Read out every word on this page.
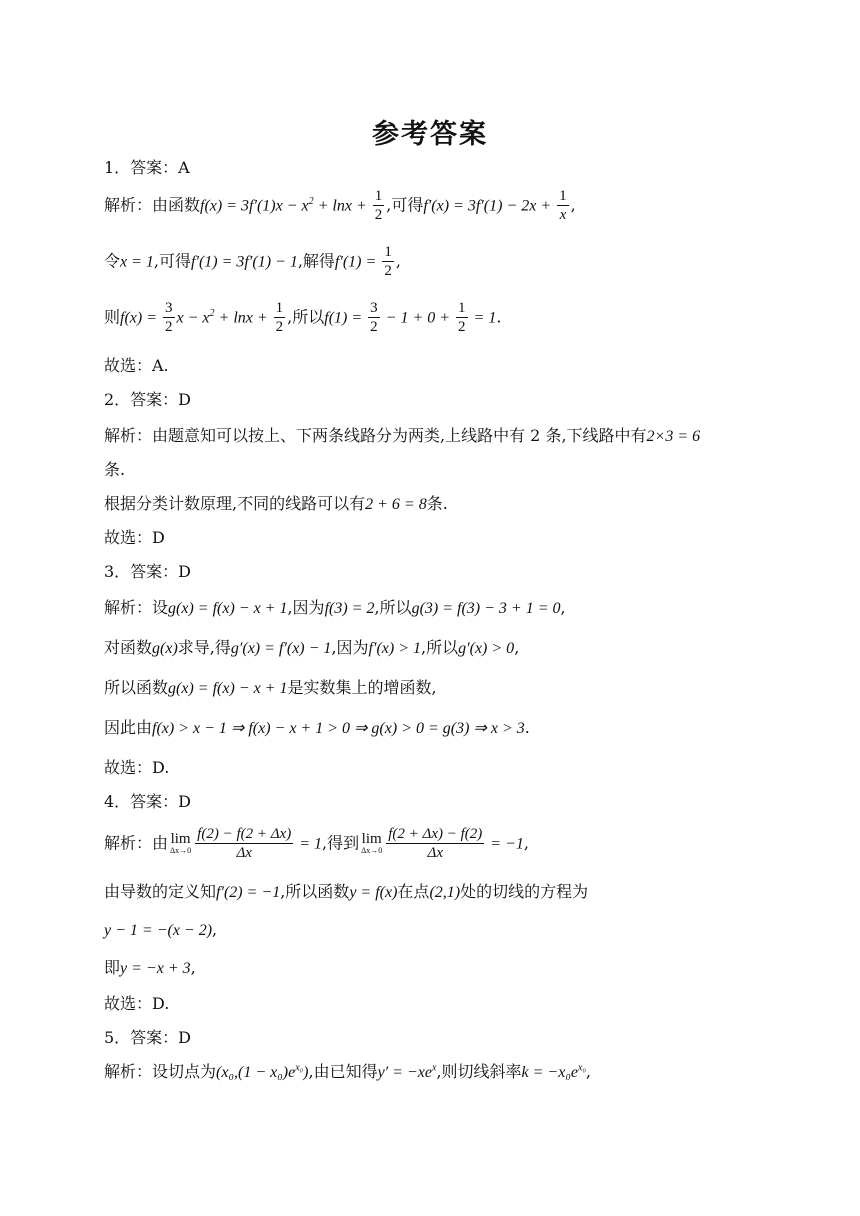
参考答案
1．答案：A
解析：由函数$f(x) = 3f'(1)x - x^2 + \ln x + \frac{1}{2}$ ,可得$f'(x) = 3f'(1) - 2x + \frac{1}{x}$ ,
令x = 1,可得f′(1) = 3f′(1) − 1,解得$f'(1) = \frac{1}{2}$ ,
则$f(x) = \frac{3}{2}$ $x - x^2 + \ln x + \frac{1}{2}$ ,所以$f(1) = \frac{3}{2} - 1 + 0 + \frac{1}{2} = 1$.
故选：A.
2．答案：D
解析：由题意知可以按上、下两条线路分为两类,上线路中有 2 条,下线路中有2×3 = 6
条.
根据分类计数原理,不同的线路可以有2 + 6 = 8条.
故选：D
3．答案：D
解析：设g(x) = f(x) − x + 1,因为f(3) = 2,所以g(3) = f(3) − 3 + 1 = 0,
对函数g(x)求导,得g′(x) = f′(x) − 1,因为f′(x) > 1,所以g′(x) > 0,
所以函数g(x) = f(x) − x + 1是实数集上的增函数,
因此由f(x) > x − 1 ⇒ f(x) − x + 1 > 0 ⇒ g(x) > 0 = g(3) ⇒ x > 3.
故选：D.
4．答案：D
解析：由 lim
$\Delta x\to 0 \frac{f(2) - f(2 + \Delta x)}{\Delta x} = 1$,得到 lim
$\Delta x\to 0 \frac{f(2 + \Delta x) - f(2)}{\Delta x} = -1$,
由导数的定义知f′(2) = −1,所以函数y = f(x)在点(2,1)处的切线的方程为
y − 1 = −(x − 2),
即y = −x + 3,
故选：D.
5．答案：D
解析：设切点为$(x_0,(1 - x_0)e^{x_0})$,由已知得$y' = -xe^x$,则切线斜率$k = -x_0e^{x_0}$,
